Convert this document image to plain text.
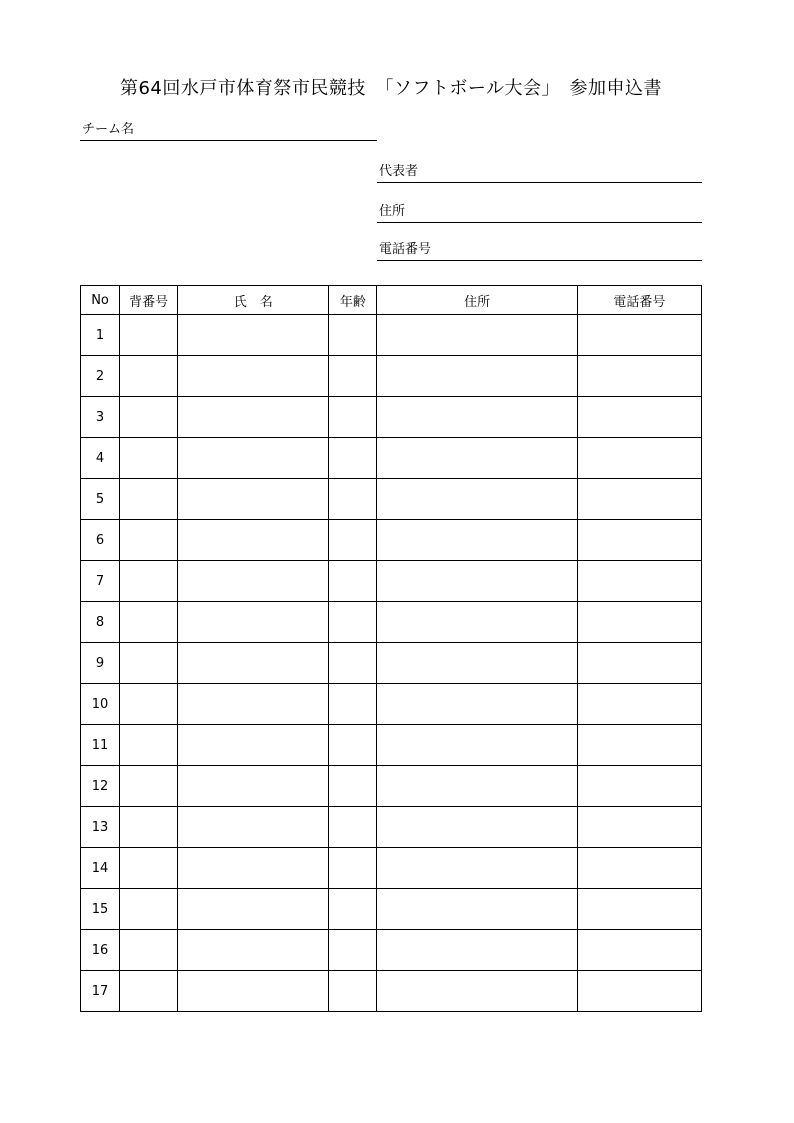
第64回水戸市体育祭市民競技　「ソフトボール大会」　参加申込書
チーム名
代表者
住所
電話番号
No	背番号	氏　名	年齢	住所	電話番号
1					
2					
3					
4					
5					
6					
7					
8					
9					
10					
11					
12					
13					
14					
15					
16					
17					
